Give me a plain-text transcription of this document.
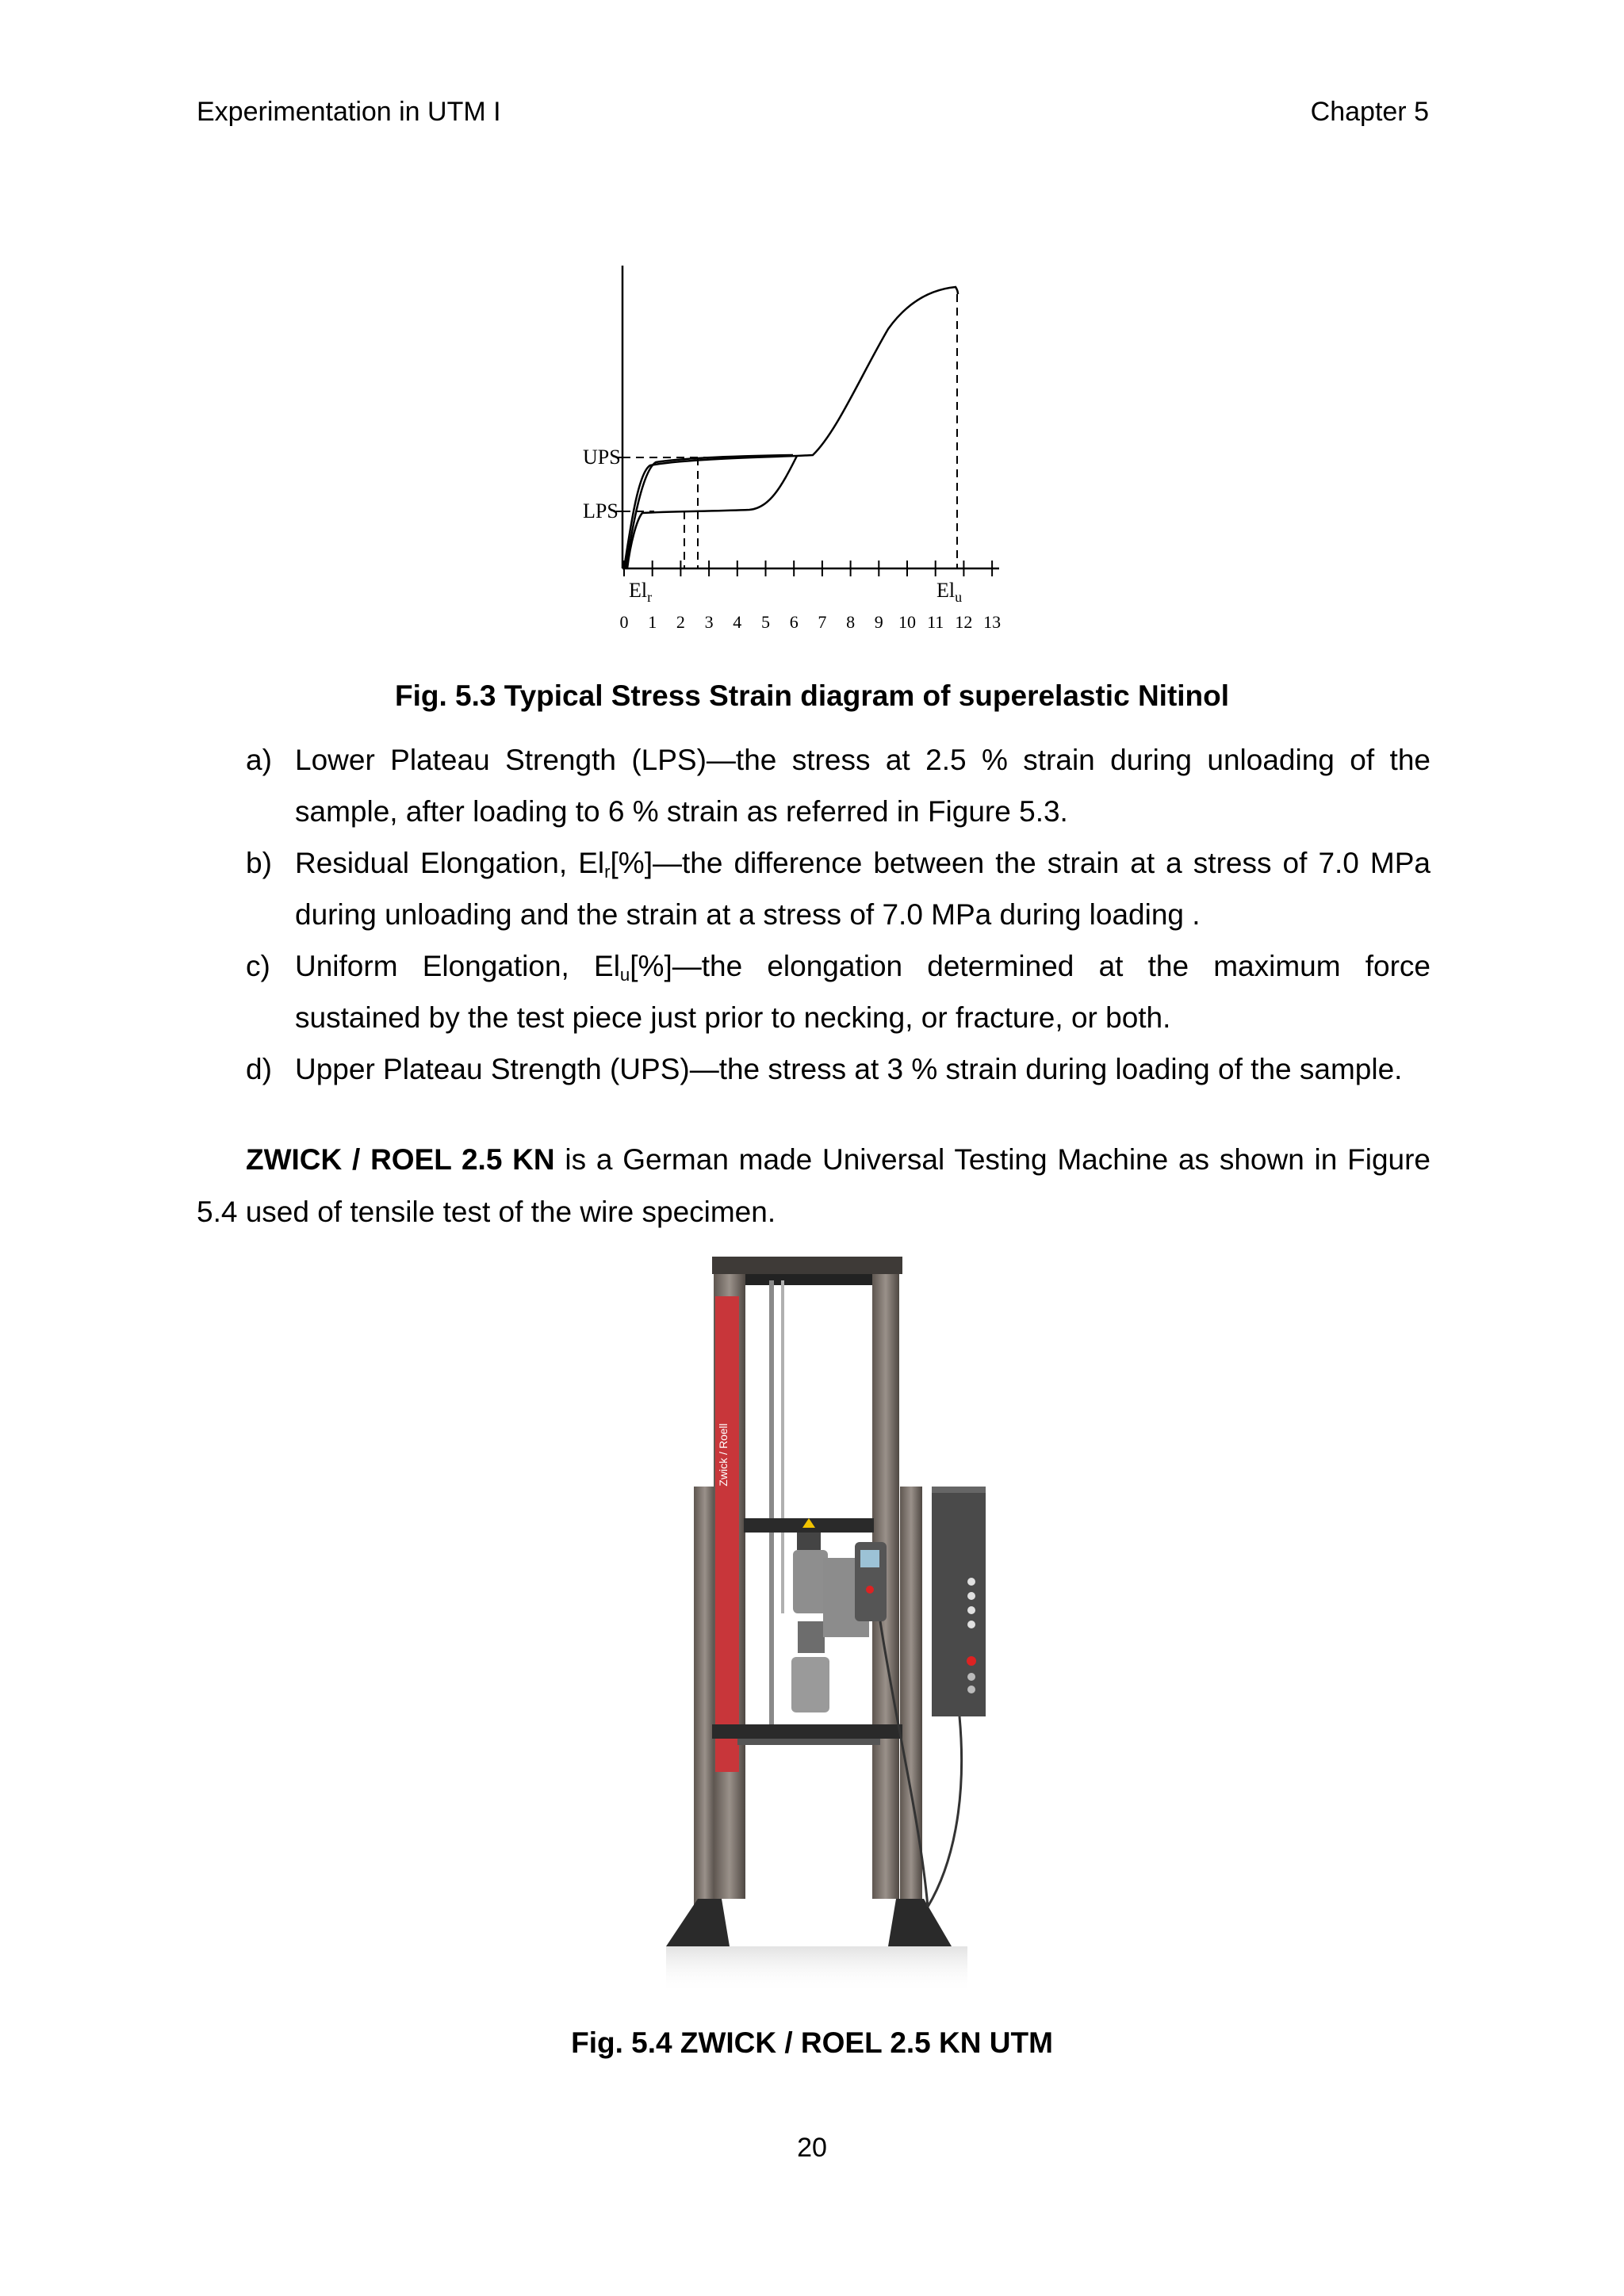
Experimentation in UTM I	Chapter 5
UPS
LPS
$El_r$	$El_u$
0 1 2 3 4 5 6 7 8 9 10 11 12 13
Fig. 5.3 Typical Stress Strain diagram of superelastic Nitinol
a) Lower Plateau Strength (LPS)—the stress at 2.5 % strain during unloading of the sample, after loading to 6 % strain as referred in Figure 5.3.
b) Residual Elongation, $El_r[\%]—the$ difference between the strain at a stress of 7.0 MPa during unloading and the strain at a stress of 7.0 MPa during loading .
c) Uniform Elongation, $El_u[\%]—the$ elongation determined at the maximum force sustained by the test piece just prior to necking, or fracture, or both.
d) Upper Plateau Strength (UPS)—the stress at 3 % strain during loading of the sample.

ZWICK / ROEL 2.5 KN is a German made Universal Testing Machine as shown in Figure 5.4 used of tensile test of the wire specimen.

Zwick / Roell
Fig. 5.4 ZWICK / ROEL 2.5 KN UTM
20
